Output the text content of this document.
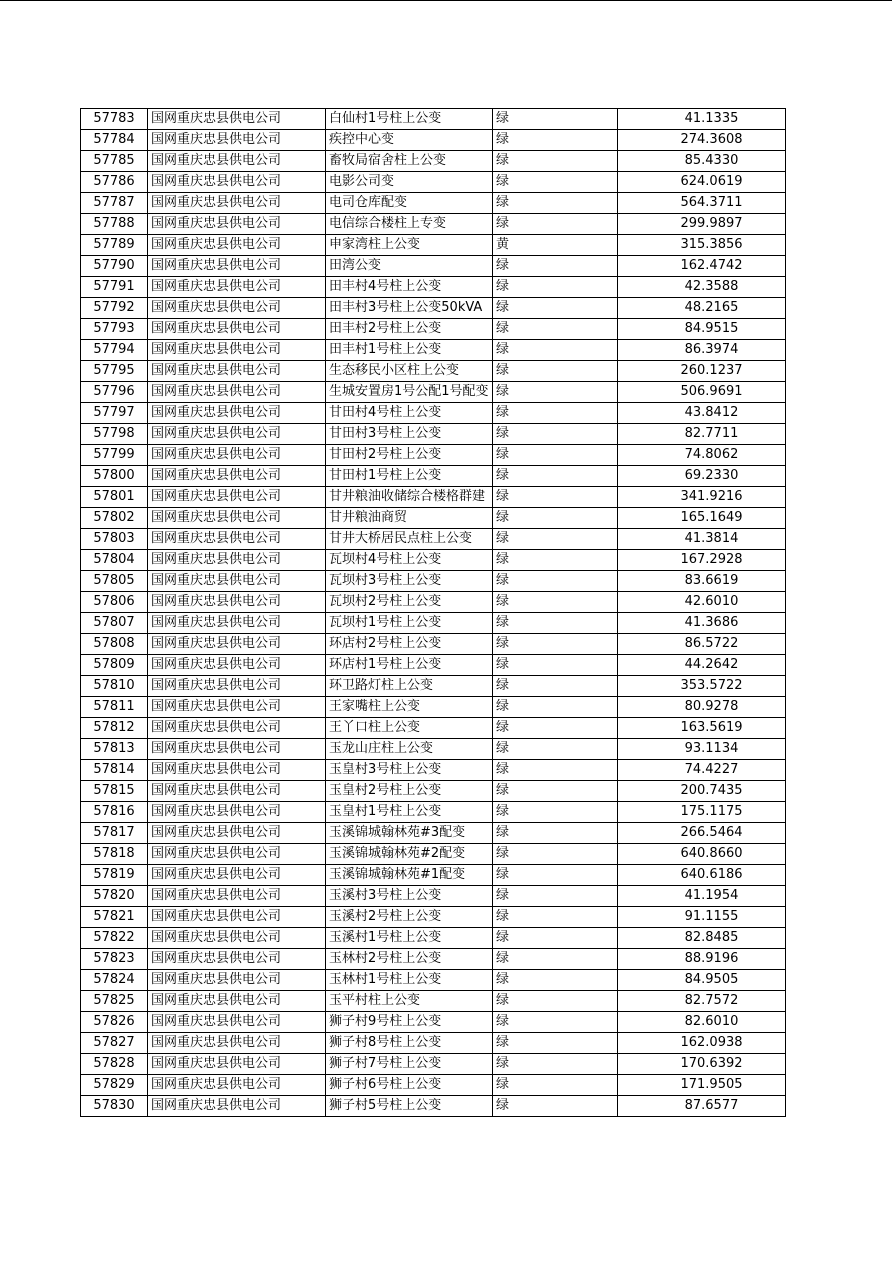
57783	国网重庆忠县供电公司	白仙村1号柱上公变	绿	41.1335
57784	国网重庆忠县供电公司	疾控中心变	绿	274.3608
57785	国网重庆忠县供电公司	畜牧局宿舍柱上公变	绿	85.4330
57786	国网重庆忠县供电公司	电影公司变	绿	624.0619
57787	国网重庆忠县供电公司	电司仓库配变	绿	564.3711
57788	国网重庆忠县供电公司	电信综合楼柱上专变	绿	299.9897
57789	国网重庆忠县供电公司	申家湾柱上公变	黄	315.3856
57790	国网重庆忠县供电公司	田湾公变	绿	162.4742
57791	国网重庆忠县供电公司	田丰村4号柱上公变	绿	42.3588
57792	国网重庆忠县供电公司	田丰村3号柱上公变50kVA	绿	48.2165
57793	国网重庆忠县供电公司	田丰村2号柱上公变	绿	84.9515
57794	国网重庆忠县供电公司	田丰村1号柱上公变	绿	86.3974
57795	国网重庆忠县供电公司	生态移民小区柱上公变	绿	260.1237
57796	国网重庆忠县供电公司	生城安置房1号公配1号配变	绿	506.9691
57797	国网重庆忠县供电公司	甘田村4号柱上公变	绿	43.8412
57798	国网重庆忠县供电公司	甘田村3号柱上公变	绿	82.7711
57799	国网重庆忠县供电公司	甘田村2号柱上公变	绿	74.8062
57800	国网重庆忠县供电公司	甘田村1号柱上公变	绿	69.2330
57801	国网重庆忠县供电公司	甘井粮油收储综合楼格群建	绿	341.9216
57802	国网重庆忠县供电公司	甘井粮油商贸	绿	165.1649
57803	国网重庆忠县供电公司	甘井大桥居民点柱上公变	绿	41.3814
57804	国网重庆忠县供电公司	瓦坝村4号柱上公变	绿	167.2928
57805	国网重庆忠县供电公司	瓦坝村3号柱上公变	绿	83.6619
57806	国网重庆忠县供电公司	瓦坝村2号柱上公变	绿	42.6010
57807	国网重庆忠县供电公司	瓦坝村1号柱上公变	绿	41.3686
57808	国网重庆忠县供电公司	环店村2号柱上公变	绿	86.5722
57809	国网重庆忠县供电公司	环店村1号柱上公变	绿	44.2642
57810	国网重庆忠县供电公司	环卫路灯柱上公变	绿	353.5722
57811	国网重庆忠县供电公司	王家嘴柱上公变	绿	80.9278
57812	国网重庆忠县供电公司	王丫口柱上公变	绿	163.5619
57813	国网重庆忠县供电公司	玉龙山庄柱上公变	绿	93.1134
57814	国网重庆忠县供电公司	玉皇村3号柱上公变	绿	74.4227
57815	国网重庆忠县供电公司	玉皇村2号柱上公变	绿	200.7435
57816	国网重庆忠县供电公司	玉皇村1号柱上公变	绿	175.1175
57817	国网重庆忠县供电公司	玉溪锦城翰林苑#3配变	绿	266.5464
57818	国网重庆忠县供电公司	玉溪锦城翰林苑#2配变	绿	640.8660
57819	国网重庆忠县供电公司	玉溪锦城翰林苑#1配变	绿	640.6186
57820	国网重庆忠县供电公司	玉溪村3号柱上公变	绿	41.1954
57821	国网重庆忠县供电公司	玉溪村2号柱上公变	绿	91.1155
57822	国网重庆忠县供电公司	玉溪村1号柱上公变	绿	82.8485
57823	国网重庆忠县供电公司	玉林村2号柱上公变	绿	88.9196
57824	国网重庆忠县供电公司	玉林村1号柱上公变	绿	84.9505
57825	国网重庆忠县供电公司	玉平村柱上公变	绿	82.7572
57826	国网重庆忠县供电公司	狮子村9号柱上公变	绿	82.6010
57827	国网重庆忠县供电公司	狮子村8号柱上公变	绿	162.0938
57828	国网重庆忠县供电公司	狮子村7号柱上公变	绿	170.6392
57829	国网重庆忠县供电公司	狮子村6号柱上公变	绿	171.9505
57830	国网重庆忠县供电公司	狮子村5号柱上公变	绿	87.6577
